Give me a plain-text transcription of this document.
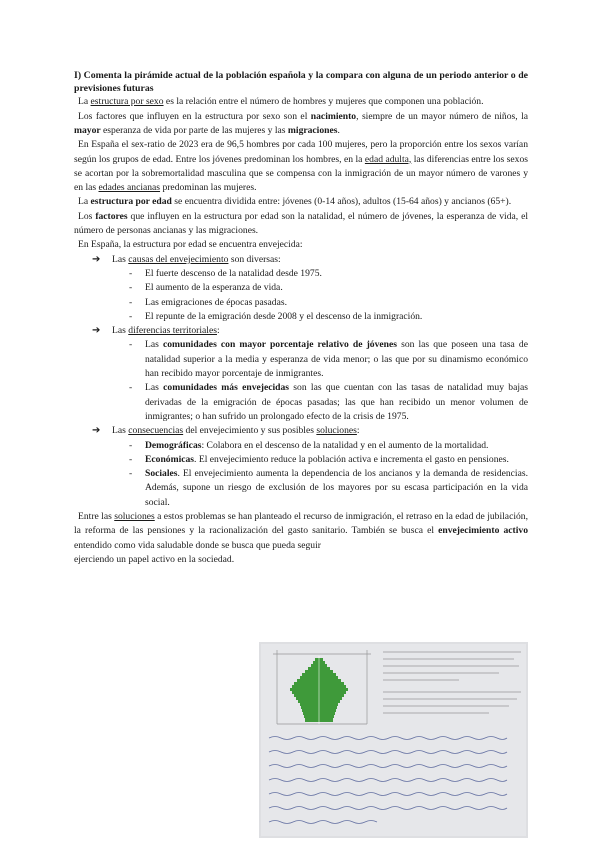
I) Comenta la pirámide actual de la población española y la compara con alguna de un periodo anterior o de previsiones futuras

La estructura por sexo es la relación entre el número de hombres y mujeres que componen una población.

Los factores que influyen en la estructura por sexo son el nacimiento, siempre de un mayor número de niños, la mayor esperanza de vida por parte de las mujeres y las migraciones.

En España el sex-ratio de 2023 era de 96,5 hombres por cada 100 mujeres, pero la proporción entre los sexos varían según los grupos de edad. Entre los jóvenes predominan los hombres, en la edad adulta, las diferencias entre los sexos se acortan por la sobremortalidad masculina que se compensa con la inmigración de un mayor número de varones y en las edades ancianas predominan las mujeres.

La estructura por edad se encuentra dividida entre: jóvenes (0-14 años), adultos (15-64 años) y ancianos (65+).

Los factores que influyen en la estructura por edad son la natalidad, el número de jóvenes, la esperanza de vida, el número de personas ancianas y las migraciones.

En España, la estructura por edad se encuentra envejecida:

➔ Las causas del envejecimiento son diversas:

- El fuerte descenso de la natalidad desde 1975.
- El aumento de la esperanza de vida.
- Las emigraciones de épocas pasadas.
- El repunte de la emigración desde 2008 y el descenso de la inmigración.

➔ Las diferencias territoriales:

- Las comunidades con mayor porcentaje relativo de jóvenes son las que poseen una tasa de natalidad superior a la media y esperanza de vida menor; o las que por su dinamismo económico han recibido mayor porcentaje de inmigrantes.
- Las comunidades más envejecidas son las que cuentan con las tasas de natalidad muy bajas derivadas de la emigración de épocas pasadas; las que han recibido un menor volumen de inmigrantes; o han sufrido un prolongado efecto de la crisis de 1975.

➔ Las consecuencias del envejecimiento y sus posibles soluciones:

- Demográficas: Colabora en el descenso de la natalidad y en el aumento de la mortalidad.
- Económicas. El envejecimiento reduce la población activa e incrementa el gasto en pensiones.
- Sociales. El envejecimiento aumenta la dependencia de los ancianos y la demanda de residencias. Además, supone un riesgo de exclusión de los mayores por su escasa participación en la vida social.

Entre las soluciones a estos problemas se han planteado el recurso de inmigración, el retraso en la edad de jubilación, la reforma de las pensiones y la racionalización del gasto sanitario. También se busca el envejecimiento activo entendido como vida saludable donde se busca que pueda seguir

ejerciendo un papel activo en la sociedad.
